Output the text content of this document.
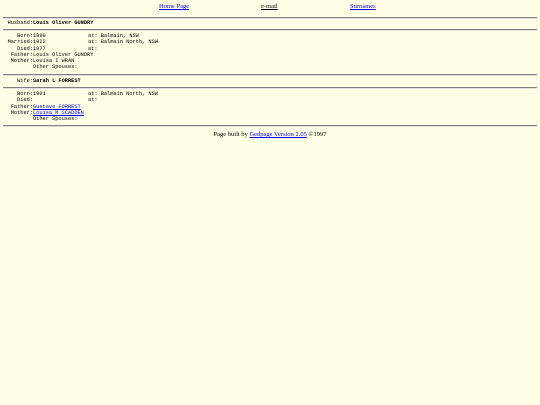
Home Page	e-mail	Surnames
Husband: Louis Oliver GUNDRY
Born: 1890	at: Balmain, NSW
Married: 1922	at: Balmain North, NSW
Died: 1977	at:
Father: Louis Oliver GUNDRY
Mother: Louisa I WRAN
Other Spouses:
Wife: Sarah L FORREST
Born: 1901	at: Balmain North, NSW
Died:	at:
Father: Gustave FORREST
Mother: Louisa M SCADDEN
Other Spouses:
Page built by Gedpage Version 2.05 ©1997
